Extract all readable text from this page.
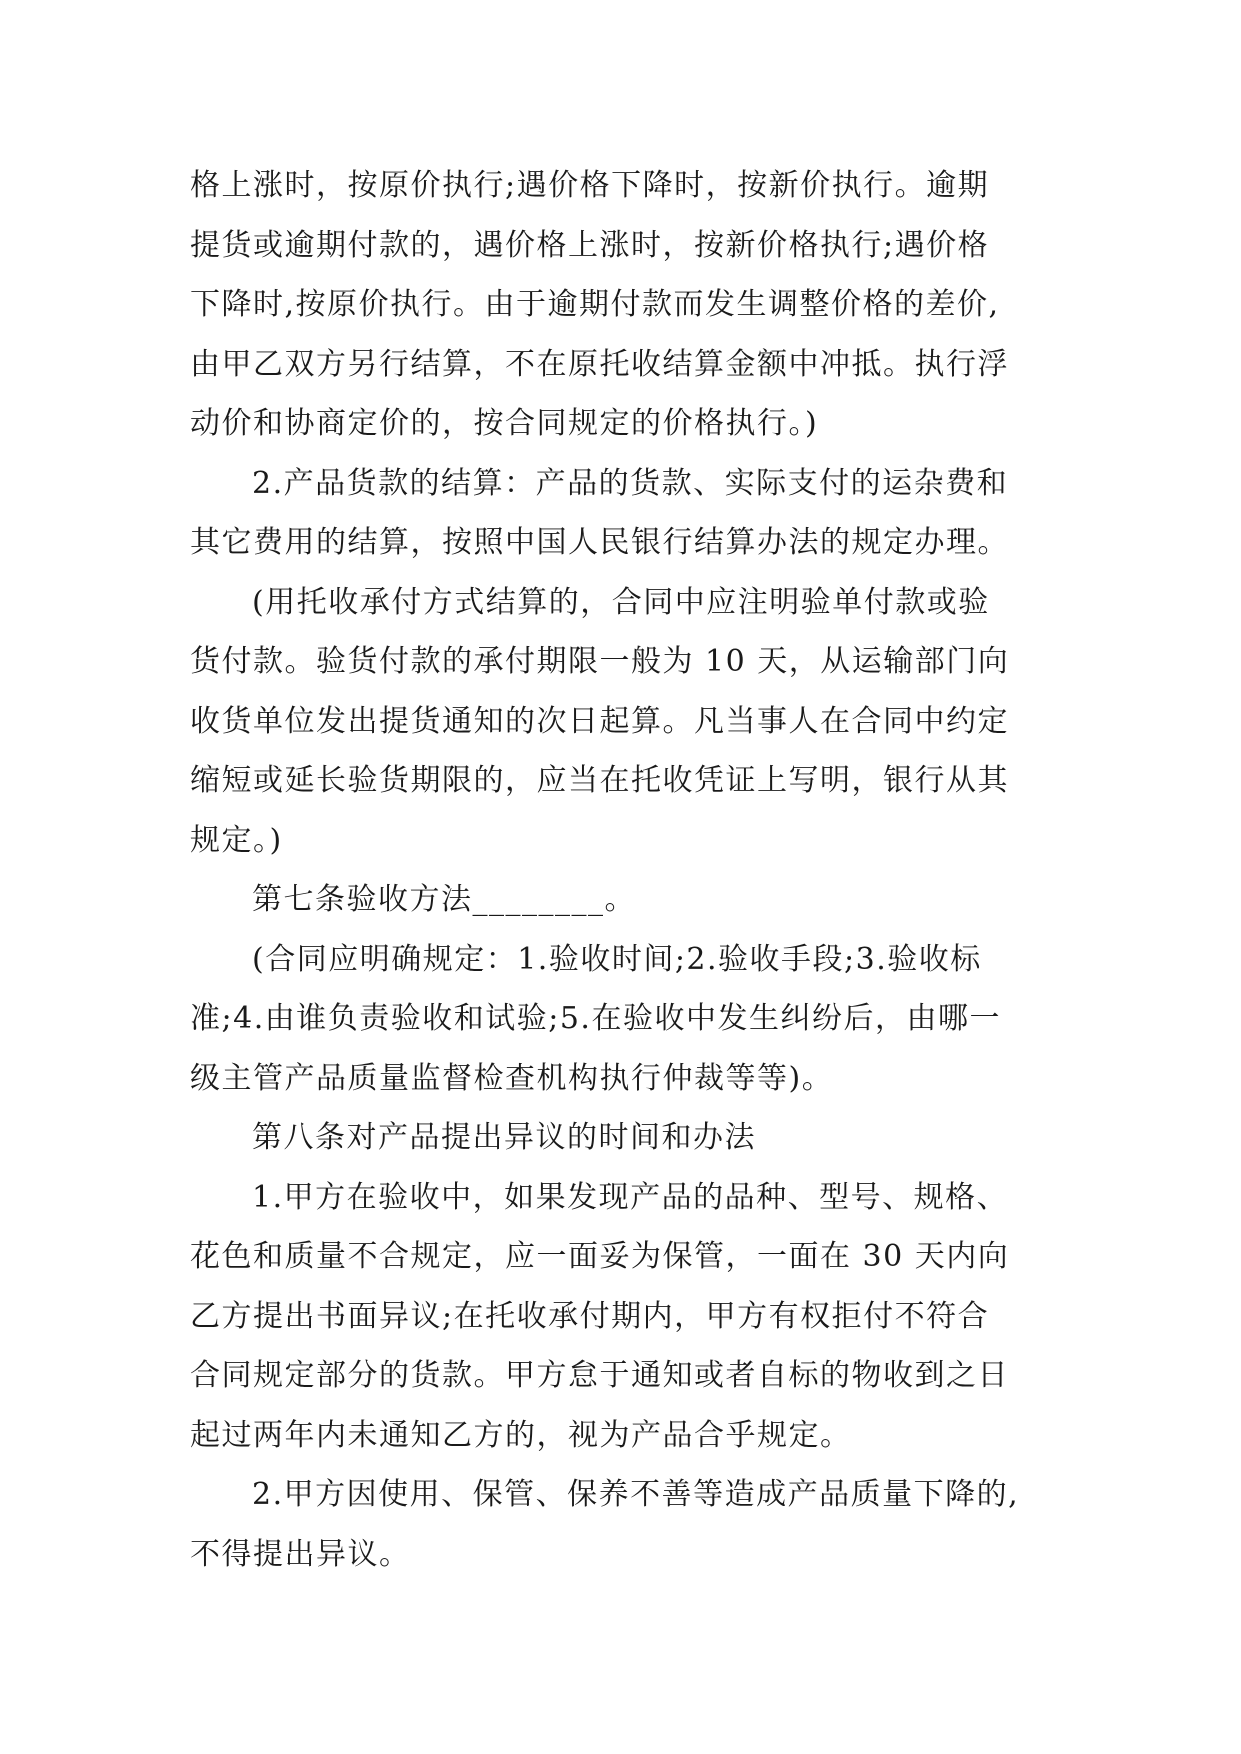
格上涨时，按原价执行;遇价格下降时，按新价执行。逾期
提货或逾期付款的，遇价格上涨时，按新价格执行;遇价格
下降时,按原价执行。由于逾期付款而发生调整价格的差价,
由甲乙双方另行结算，不在原托收结算金额中冲抵。执行浮
动价和协商定价的，按合同规定的价格执行。)
2.产品货款的结算：产品的货款、实际支付的运杂费和
其它费用的结算，按照中国人民银行结算办法的规定办理。
(用托收承付方式结算的，合同中应注明验单付款或验
货付款。验货付款的承付期限一般为 10 天，从运输部门向
收货单位发出提货通知的次日起算。凡当事人在合同中约定
缩短或延长验货期限的，应当在托收凭证上写明，银行从其
规定。)
第七条验收方法________。
(合同应明确规定：1.验收时间;2.验收手段;3.验收标
准;4.由谁负责验收和试验;5.在验收中发生纠纷后，由哪一
级主管产品质量监督检查机构执行仲裁等等)。
第八条对产品提出异议的时间和办法
1.甲方在验收中，如果发现产品的品种、型号、规格、
花色和质量不合规定，应一面妥为保管，一面在 30 天内向
乙方提出书面异议;在托收承付期内，甲方有权拒付不符合
合同规定部分的货款。甲方怠于通知或者自标的物收到之日
起过两年内未通知乙方的，视为产品合乎规定。
2.甲方因使用、保管、保养不善等造成产品质量下降的,
不得提出异议。
